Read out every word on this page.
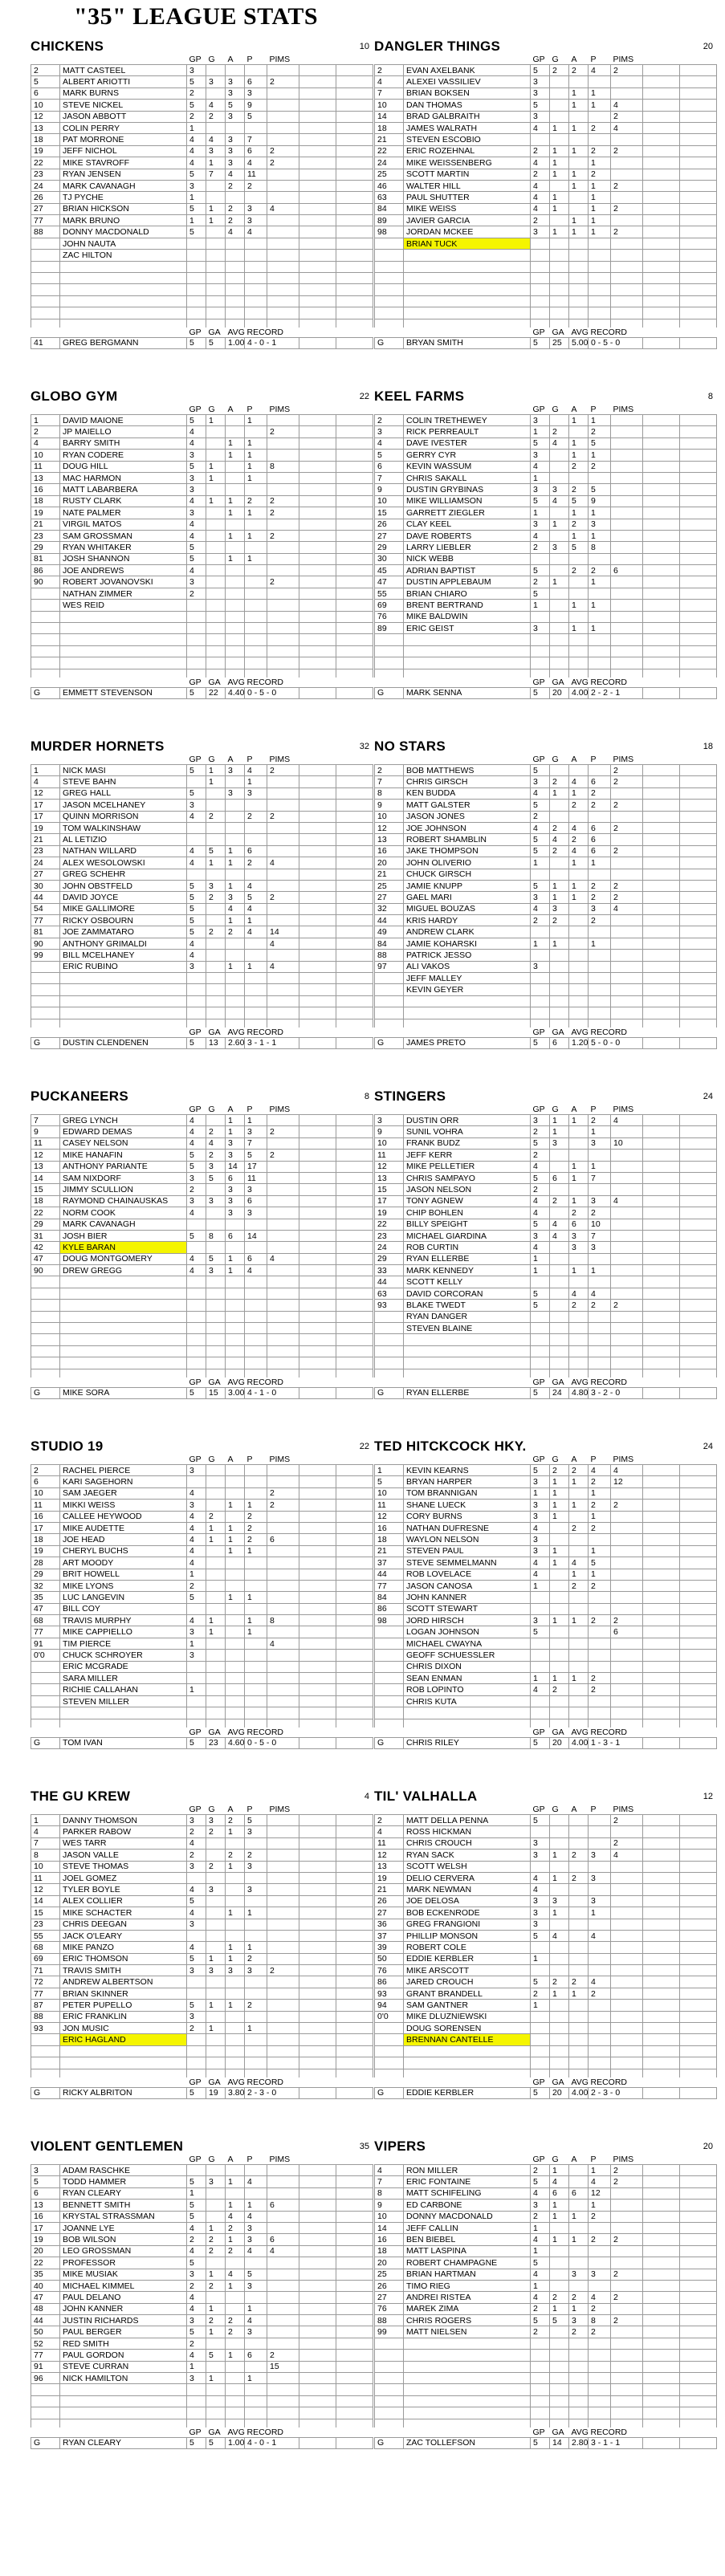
"35" LEAGUE STATS
CHICKENS	10
		GP	G	A	P	PIMS		
2	MATT CASTEEL	3						
5	ALBERT ARIOTTI	5	3	3	6	2		
6	MARK BURNS	2		3	3			
10	STEVE NICKEL	5	4	5	9			
12	JASON ABBOTT	2	2	3	5			
13	COLIN PERRY	1						
18	PAT MORRONE	4	4	3	7			
19	JEFF NICHOL	4	3	3	6	2		
22	MIKE STAVROFF	4	1	3	4	2		
23	RYAN JENSEN	5	7	4	11			
24	MARK CAVANAGH	3		2	2			
26	TJ PYCHE	1						
27	BRIAN HICKSON	5	1	2	3	4		
77	MARK BRUNO	1	1	2	3			
88	DONNY MACDONALD	5		4	4			
	JOHN NAUTA							
	ZAC HILTON							

		GP	GA	AVG	RECORD			
41	GREG BERGMANN	5	5	1.00	4 - 0 - 1			
DANGLER THINGS	20
		GP	G	A	P	PIMS		
2	EVAN AXELBANK	5	2	2	4	2		
4	ALEXEI VASSILIEV	3						
7	BRIAN BOKSEN	3		1	1			
10	DAN THOMAS	5		1	1	4		
14	BRAD GALBRAITH	3				2		
18	JAMES WALRATH	4	1	1	2	4		
21	STEVEN ESCOBIO							
22	ERIC ROZEHNAL	2	1	1	2	2		
24	MIKE WEISSENBERG	4	1		1			
25	SCOTT MARTIN	2	1	1	2			
46	WALTER HILL	4		1	1	2		
63	PAUL SHUTTER	4	1		1			
84	MIKE WEISS	4	1		1	2		
89	JAVIER GARCIA	2		1	1			
98	JORDAN MCKEE	3	1	1	1	2		
	BRIAN TUCK							

		GP	GA	AVG	RECORD			
G	BRYAN SMITH	5	25	5.00	0 - 5 - 0			
GLOBO GYM	22
		GP	G	A	P	PIMS		
1	DAVID MAIONE	5	1		1			
2	JP MAIELLO	4				2		
4	BARRY SMITH	4		1	1			
10	RYAN CODERE	3		1	1			
11	DOUG HILL	5	1		1	8		
13	MAC HARMON	3	1		1			
16	MATT LABARBERA	3						
18	RUSTY CLARK	4	1	1	2	2		
19	NATE PALMER	3		1	1	2		
21	VIRGIL MATOS	4						
23	SAM GROSSMAN	4		1	1	2		
29	RYAN WHITAKER	5						
81	JOSH SHANNON	5		1	1			
86	JOE ANDREWS	4						
90	ROBERT JOVANOVSKI	3				2		
	NATHAN ZIMMER	2						
	WES REID							

		GP	GA	AVG	RECORD			
G	EMMETT STEVENSON	5	22	4.40	0 - 5 - 0			
KEEL FARMS	8
		GP	G	A	P	PIMS		
2	COLIN TRETHEWEY	3		1	1			
3	RICK PERREAULT	1	2		2			
4	DAVE IVESTER	5	4	1	5			
5	GERRY CYR	3		1	1			
6	KEVIN WASSUM	4		2	2			
7	CHRIS SAKALL	1						
9	DUSTIN GRYBINAS	3	3	2	5			
10	MIKE WILLIAMSON	5	4	5	9			
15	GARRETT ZIEGLER	1		1	1			
26	CLAY KEEL	3	1	2	3			
27	DAVE ROBERTS	4		1	1			
29	LARRY LIEBLER	2	3	5	8			
30	NICK WEBB							
45	ADRIAN BAPTIST	5		2	2	6		
47	DUSTIN APPLEBAUM	2	1		1			
55	BRIAN CHIARO	5						
69	BRENT BERTRAND	1		1	1			
76	MIKE BALDWIN							
89	ERIC GEIST	3		1	1			

		GP	GA	AVG	RECORD			
G	MARK SENNA	5	20	4.00	2 - 2 - 1			
MURDER HORNETS	32
		GP	G	A	P	PIMS		
1	NICK MASI	5	1	3	4	2		
4	STEVE BAHN		1		1			
12	GREG HALL	5		3	3			
17	JASON MCELHANEY	3						
17	QUINN MORRISON	4	2		2	2		
19	TOM WALKINSHAW							
21	AL LETIZIO							
23	NATHAN WILLARD	4	5	1	6			
24	ALEX WESOLOWSKI	4	1	1	2	4		
27	GREG SCHEHR							
30	JOHN OBSTFELD	5	3	1	4			
44	DAVID JOYCE	5	2	3	5	2		
54	MIKE GALLIMORE	5		4	4			
77	RICKY OSBOURN	5		1	1			
81	JOE ZAMMATARO	5	2	2	4	14		
90	ANTHONY GRIMALDI	4				4		
99	BILL MCELHANEY	4						
	ERIC RUBINO	3		1	1	4		

		GP	GA	AVG	RECORD			
G	DUSTIN CLENDENEN	5	13	2.60	3 - 1 - 1			
NO STARS	18
		GP	G	A	P	PIMS		
2	BOB MATTHEWS	5				2		
7	CHRIS GIRSCH	3	2	4	6	2		
8	KEN BUDDA	4	1	1	2			
9	MATT GALSTER	5		2	2	2		
10	JASON JONES	2						
12	JOE JOHNSON	4	2	4	6	2		
13	ROBERT SHAMBLIN	5	4	2	6			
16	JAKE THOMPSON	5	2	4	6	2		
20	JOHN OLIVERIO	1		1	1			
21	CHUCK GIRSCH							
25	JAMIE KNUPP	5	1	1	2	2		
27	GAEL MARI	3	1	1	2	2		
32	MIGUEL BOUZAS	4	3		3	4		
44	KRIS HARDY	2	2		2			
49	ANDREW CLARK							
84	JAMIE KOHARSKI	1	1		1			
88	PATRICK JESSO							
97	ALI VAKOS	3						
	JEFF MALLEY							
	KEVIN GEYER							

		GP	GA	AVG	RECORD			
G	JAMES PRETO	5	6	1.20	5 - 0 - 0			
PUCKANEERS	8
		GP	G	A	P	PIMS		
7	GREG LYNCH	4		1	1			
9	EDWARD DEMAS	4	2	1	3	2		
11	CASEY NELSON	4	4	3	7			
12	MIKE HANAFIN	5	2	3	5	2		
13	ANTHONY PARIANTE	5	3	14	17			
14	SAM NIXDORF	3	5	6	11			
15	JIMMY SCULLION	2		3	3			
18	RAYMOND CHAINAUSKAS	3	3	3	6			
22	NORM COOK	4		3	3			
29	MARK CAVANAGH							
31	JOSH BIER	5	8	6	14			
42	KYLE BARAN							
47	DOUG MONTGOMERY	4	5	1	6	4		
90	DREW GREGG	4	3	1	4			

		GP	GA	AVG	RECORD			
G	MIKE SORA	5	15	3.00	4 - 1 - 0			
STINGERS	24
		GP	G	A	P	PIMS		
3	DUSTIN ORR	3	1	1	2	4		
9	SUNIL VOHRA	2	1		1			
10	FRANK BUDZ	5	3		3	10		
11	JEFF KERR	2						
12	MIKE PELLETIER	4		1	1			
13	CHRIS SAMPAYO	5	6	1	7			
15	JASON NELSON	2						
17	TONY AGNEW	4	2	1	3	4		
19	CHIP BOHLEN	4		2	2			
22	BILLY SPEIGHT	5	4	6	10			
23	MICHAEL GIARDINA	3	4	3	7			
24	ROB CURTIN	4		3	3			
29	RYAN ELLERBE	1						
33	MARK KENNEDY	1		1	1			
44	SCOTT KELLY							
63	DAVID CORCORAN	5		4	4			
93	BLAKE TWEDT	5		2	2	2		
	RYAN DANGER							
	STEVEN BLAINE							

		GP	GA	AVG	RECORD			
G	RYAN ELLERBE	5	24	4.80	3 - 2 - 0			
STUDIO 19	22
		GP	G	A	P	PIMS		
2	RACHEL PIERCE	3						
6	KARI SAGEHORN							
10	SAM JAEGER	4				2		
11	MIKKI WEISS	3		1	1	2		
16	CALLEE HEYWOOD	4	2		2			
17	MIKE AUDETTE	4	1	1	2			
18	JOE HEAD	4	1	1	2	6		
19	CHERYL BUCHS	4		1	1			
28	ART MOODY	4						
29	BRIT HOWELL	1						
32	MIKE LYONS	2						
35	LUC LANGEVIN	5		1	1			
47	BILL COY							
68	TRAVIS MURPHY	4	1		1	8		
77	MIKE CAPPIELLO	3	1		1			
91	TIM PIERCE	1				4		
0'0	CHUCK SCHROYER	3						
	ERIC MCGRADE							
	SARA MILLER							
	RICHIE CALLAHAN	1						
	STEVEN MILLER							

		GP	GA	AVG	RECORD			
G	TOM IVAN	5	23	4.60	0 - 5 - 0			
TED HITCKCOCK HKY.	24
		GP	G	A	P	PIMS		
1	KEVIN KEARNS	5	2	2	4	4		
5	BRYAN HARPER	3	1	1	2	12		
10	TOM BRANNIGAN	1	1		1			
11	SHANE LUECK	3	1	1	2	2		
12	CORY BURNS	3	1		1			
16	NATHAN DUFRESNE	4		2	2			
18	WAYLON NELSON	3						
21	STEVEN PAUL	3	1		1			
37	STEVE SEMMELMANN	4	1	4	5			
44	ROB LOVELACE	4		1	1			
77	JASON CANOSA	1		2	2			
84	JOHN KANNER							
86	SCOTT STEWART							
98	JORD HIRSCH	3	1	1	2	2		
	LOGAN JOHNSON	5				6		
	MICHAEL CWAYNA							
	GEOFF SCHUESSLER							
	CHRIS DIXON							
	SEAN ENMAN	1	1	1	2			
	ROB LOPINTO	4	2		2			
	CHRIS KUTA							

		GP	GA	AVG	RECORD			
G	CHRIS RILEY	5	20	4.00	1 - 3 - 1			
THE GU KREW	4
		GP	G	A	P	PIMS		
1	DANNY THOMSON	3	3	2	5			
4	PARKER RABOW	2	2	1	3			
7	WES TARR	4						
8	JASON VALLE	2		2	2			
10	STEVE THOMAS	3	2	1	3			
11	JOEL GOMEZ							
12	TYLER BOYLE	4	3		3			
14	ALEX COLLIER	5						
15	MIKE SCHACTER	4		1	1			
23	CHRIS DEEGAN	3						
55	JACK O'LEARY							
68	MIKE PANZO	4		1	1			
69	ERIC THOMSON	5	1	1	2			
71	TRAVIS SMITH	3	3	3	3	2		
72	ANDREW ALBERTSON							
77	BRIAN SKINNER							
87	PETER PUPELLO	5	1	1	2			
88	ERIC FRANKLIN	3						
93	JON MUSIC	2	1		1			
	ERIC HAGLAND							

		GP	GA	AVG	RECORD			
G	RICKY ALBRITON	5	19	3.80	2 - 3 - 0			
TIL' VALHALLA	12
		GP	G	A	P	PIMS		
2	MATT DELLA PENNA	5				2		
4	ROSS HICKMAN							
11	CHRIS CROUCH	3				2		
12	RYAN SACK	3	1	2	3	4		
13	SCOTT WELSH							
19	DELIO CERVERA	4	1	2	3			
21	MARK NEWMAN	4						
26	JOE DELOSA	3	3		3			
27	BOB ECKENRODE	3	1		1			
36	GREG FRANGIONI	3						
37	PHILLIP MONSON	5	4		4			
39	ROBERT COLE							
50	EDDIE KERBLER	1						
76	MIKE ARSCOTT							
86	JARED CROUCH	5	2	2	4			
93	GRANT BRANDELL	2	1	1	2			
94	SAM GANTNER	1						
0'0	MIKE DLUZNIEWSKI							
	DOUG SORENSEN							
	BRENNAN CANTELLE							

		GP	GA	AVG	RECORD			
G	EDDIE KERBLER	5	20	4.00	2 - 3 - 0			
VIOLENT GENTLEMEN	35
		GP	G	A	P	PIMS		
3	ADAM RASCHKE							
5	TODD HAMMER	5	3	1	4			
6	RYAN CLEARY	1						
13	BENNETT SMITH	5		1	1	6		
16	KRYSTAL STRASSMAN	5		4	4			
17	JOANNE LYE	4	1	2	3			
19	BOB WILSON	2	2	1	3	6		
20	LEO GROSSMAN	4	2	2	4	4		
22	PROFESSOR	5						
35	MIKE MUSIAK	3	1	4	5			
40	MICHAEL KIMMEL	2	2	1	3			
47	PAUL DELANO	4						
48	JOHN KANNER	4	1		1			
44	JUSTIN RICHARDS	3	2	2	4			
50	PAUL BERGER	5	1	2	3			
52	RED SMITH	2						
77	PAUL GORDON	4	5	1	6	2		
91	STEVE CURRAN	1				15		
96	NICK HAMILTON	3	1		1			

		GP	GA	AVG	RECORD			
G	RYAN CLEARY	5	5	1.00	4 - 0 - 1			
VIPERS	20
		GP	G	A	P	PIMS		
4	RON MILLER	2	1		1	2		
7	ERIC FONTAINE	5	4		4	2		
8	MATT SCHIFELING	4	6	6	12			
9	ED CARBONE	3	1		1			
10	DONNY MACDONALD	2	1	1	2			
14	JEFF CALLIN	1						
16	BEN BIEBEL	4	1	1	2	2		
18	MATT LASPINA	1						
20	ROBERT CHAMPAGNE	5						
25	BRIAN HARTMAN	4		3	3	2		
26	TIMO RIEG	1						
27	ANDREI RISTEA	4	2	2	4	2		
76	MAREK ZIMA	2	1	1	2			
88	CHRIS ROGERS	5	5	3	8	2		
99	MATT NIELSEN	2		2	2			

		GP	GA	AVG	RECORD			
G	ZAC TOLLEFSON	5	14	2.80	3 - 1 - 1			
